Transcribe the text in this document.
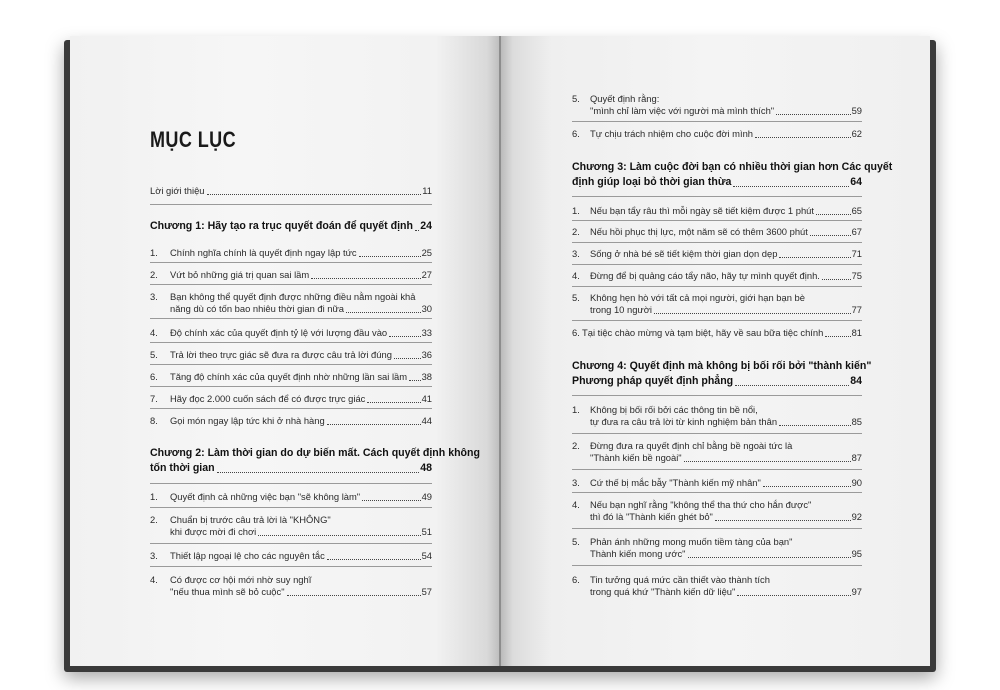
MỤC LỤC
Lời giới thiệu	11
Chương 1: Hãy tạo ra trục quyết đoán để quyết định 24
1. Chính nghĩa chính là quyết định ngay lập tức	25
2. Vứt bỏ những giá trị quan sai lầm	27
3. Bạn không thể quyết định được những điều nằm ngoài khả
năng dù có tốn bao nhiêu thời gian đi nữa	30
4. Độ chính xác của quyết định tỷ lệ với lượng đầu vào	33
5. Trả lời theo trực giác sẽ đưa ra được câu trả lời đúng	36
6. Tăng độ chính xác của quyết định nhờ những lần sai lầm 38
7. Hãy đọc 2.000 cuốn sách để có được trực giác	41
8. Gọi món ngay lập tức khi ở nhà hàng	44
Chương 2: Làm thời gian do dự biến mất. Cách quyết định không
tốn thời gian	48
1. Quyết định cả những việc bạn "sẽ không làm"	49
2. Chuẩn bị trước câu trả lời là "KHÔNG"
khi được mời đi chơi	51
3. Thiết lập ngoại lệ cho các nguyên tắc	54
4. Có được cơ hội mới nhờ suy nghĩ
"nếu thua mình sẽ bỏ cuộc"	57
5. Quyết định rằng:
"mình chỉ làm việc với người mà mình thích"	59
6. Tự chịu trách nhiệm cho cuộc đời mình	62
Chương 3: Làm cuộc đời bạn có nhiều thời gian hơn Các quyết
định giúp loại bỏ thời gian thừa	64
1. Nếu bạn tẩy râu thì mỗi ngày sẽ tiết kiệm được 1 phút	65
2. Nếu hồi phục thị lực, một năm sẽ có thêm 3600 phút	67
3. Sống ở nhà bé sẽ tiết kiệm thời gian dọn dẹp	71
4. Đừng để bị quảng cáo tẩy não, hãy tự mình quyết định.	75
5. Không hẹn hò với tất cả mọi người, giới hạn bạn bè
trong 10 người	77
6. Tại tiệc chào mừng và tạm biệt, hãy về sau bữa tiệc chính	81
Chương 4: Quyết định mà không bị bối rối bởi "thành kiến"
Phương pháp quyết định phẳng	84
1. Không bị bối rối bởi các thông tin bề nổi,
tự đưa ra câu trả lời từ kinh nghiệm bản thân	85
2. Đừng đưa ra quyết định chỉ bằng bề ngoài tức là
"Thành kiến bề ngoài"	87
3. Cứ thế bị mắc bẫy "Thành kiến mỹ nhân"	90
4. Nếu bạn nghĩ rằng "không thể tha thứ cho hắn được"
thì đó là "Thành kiến ghét bỏ"	92
5. Phản ánh những mong muốn tiềm tàng của bạn"
Thành kiến mong ước"	95
6. Tin tưởng quá mức cần thiết vào thành tích
trong quá khứ "Thành kiến dữ liệu"	97
